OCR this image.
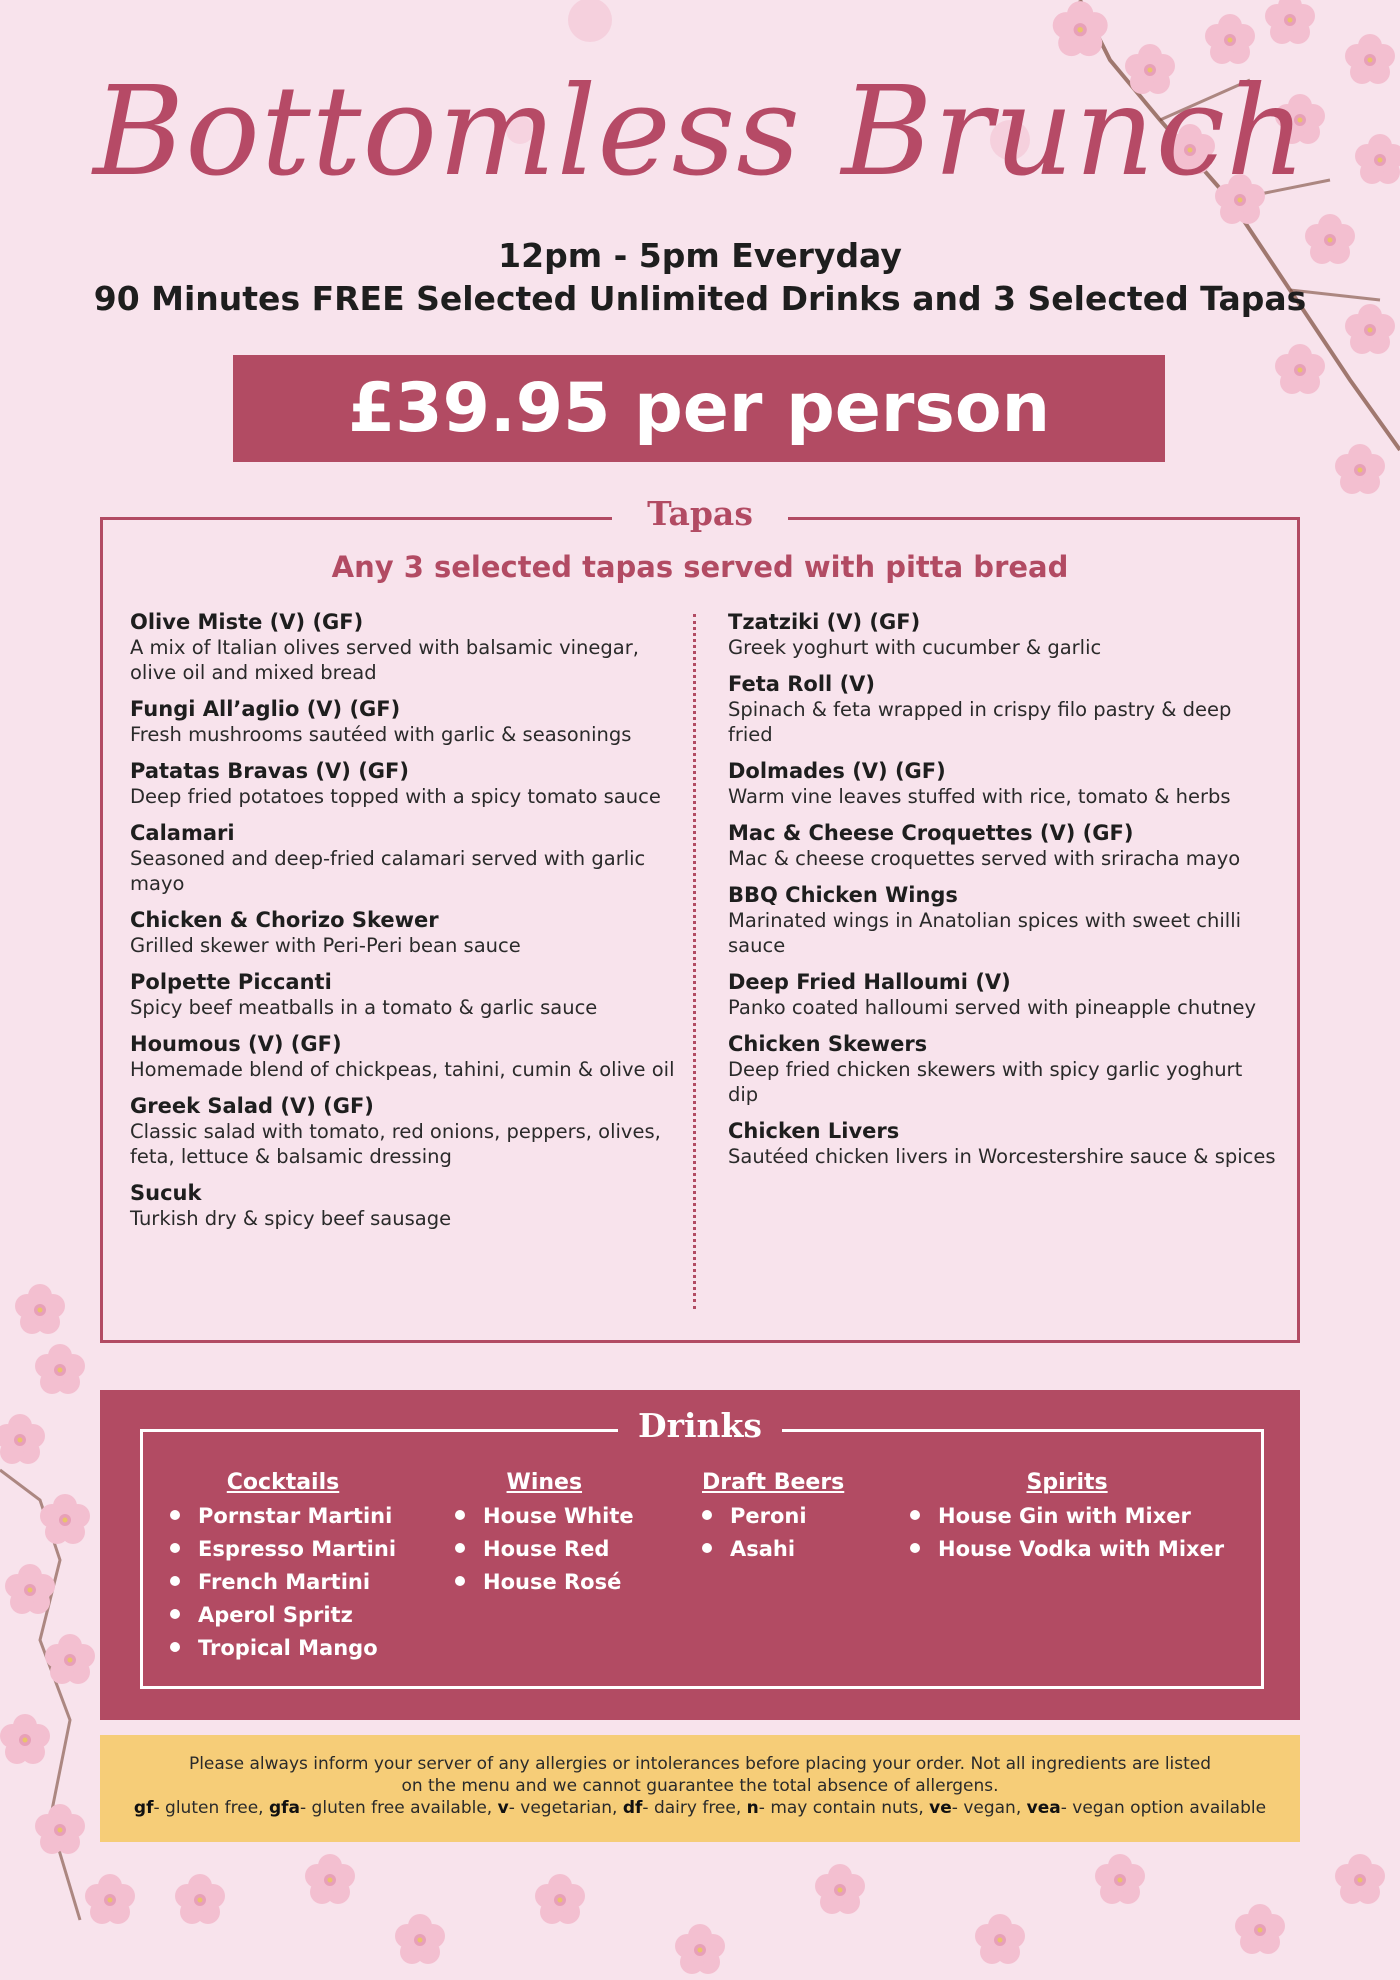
Bottomless Brunch
12pm - 5pm Everyday
90 Minutes FREE Selected Unlimited Drinks and 3 Selected Tapas
£39.95 per person
Tapas
Any 3 selected tapas served with pitta bread
Olive Miste (V) (GF)
A mix of Italian olives served with balsamic vinegar, olive oil and mixed bread
Fungi All’aglio (V) (GF)
Fresh mushrooms sautéed with garlic & seasonings
Patatas Bravas (V) (GF)
Deep fried potatoes topped with a spicy tomato sauce
Calamari
Seasoned and deep-fried calamari served with garlic mayo
Chicken & Chorizo Skewer
Grilled skewer with Peri-Peri bean sauce
Polpette Piccanti
Spicy beef meatballs in a tomato & garlic sauce
Houmous (V) (GF)
Homemade blend of chickpeas, tahini, cumin & olive oil
Greek Salad (V) (GF)
Classic salad with tomato, red onions, peppers, olives, feta, lettuce & balsamic dressing
Sucuk
Turkish dry & spicy beef sausage
Tzatziki (V) (GF)
Greek yoghurt with cucumber & garlic
Feta Roll (V)
Spinach & feta wrapped in crispy filo pastry & deep fried
Dolmades (V) (GF)
Warm vine leaves stuffed with rice, tomato & herbs
Mac & Cheese Croquettes (V) (GF)
Mac & cheese croquettes served with sriracha mayo
BBQ Chicken Wings
Marinated wings in Anatolian spices with sweet chilli sauce
Deep Fried Halloumi (V)
Panko coated halloumi served with pineapple chutney
Chicken Skewers
Deep fried chicken skewers with spicy garlic yoghurt dip
Chicken Livers
Sautéed chicken livers in Worcestershire sauce & spices
Drinks
Cocktails
Pornstar Martini
Espresso Martini
French Martini
Aperol Spritz
Tropical Mango
Wines
House White
House Red
House Rosé
Draft Beers
Peroni
Asahi
Spirits
House Gin with Mixer
House Vodka with Mixer
Please always inform your server of any allergies or intolerances before placing your order. Not all ingredients are listed
on the menu and we cannot guarantee the total absence of allergens.
gf- gluten free, gfa- gluten free available, v- vegetarian, df- dairy free, n- may contain nuts, ve- vegan, vea- vegan option available
